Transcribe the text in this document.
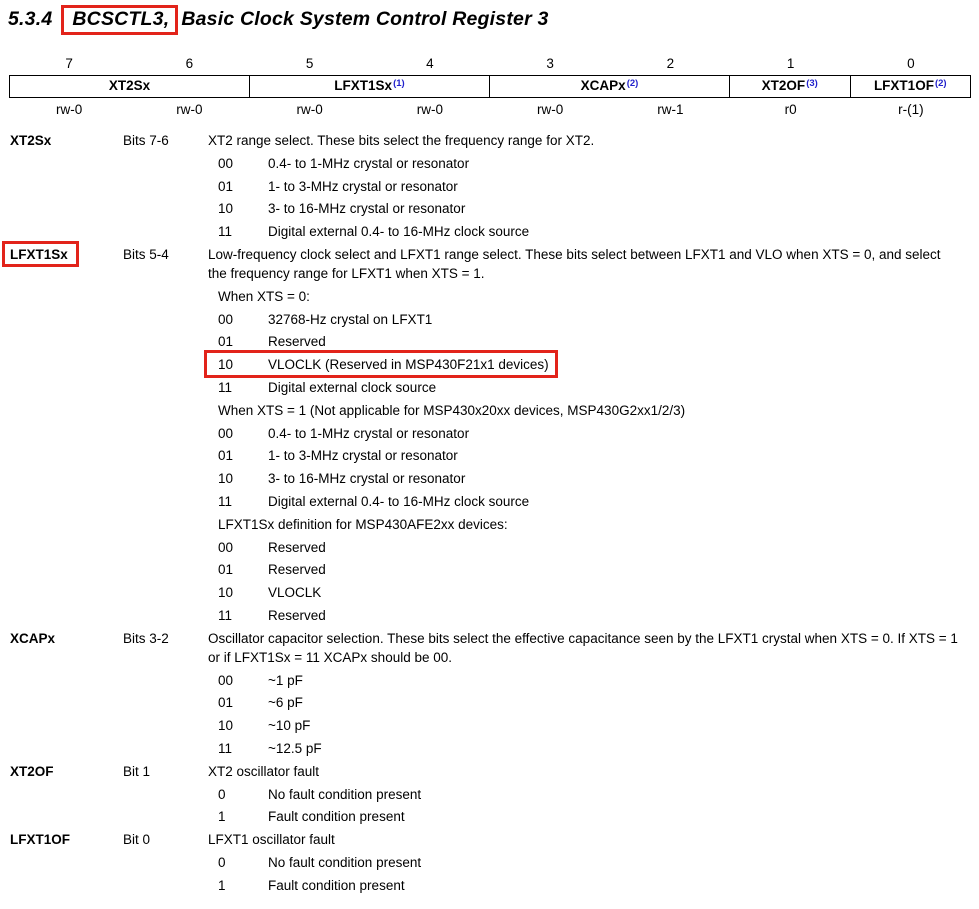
5.3.4 BCSCTL3, Basic Clock System Control Register 3
7	6	5	4	3	2	1	0
XT2Sx	LFXT1Sx$^{(1)}$	XCAPx$^{(2)}$	XT2OF$^{(3)}$	LFXT1OF$^{(2)}$
rw-0	rw-0	rw-0	rw-0	rw-0	rw-1	r0	r-(1)
XT2Sx	Bits 7-6	XT2 range select. These bits select the frequency range for XT2.
00	0.4- to 1-MHz crystal or resonator
01	1- to 3-MHz crystal or resonator
10	3- to 16-MHz crystal or resonator
11	Digital external 0.4- to 16-MHz clock source
LFXT1Sx	Bits 5-4	Low-frequency clock select and LFXT1 range select. These bits select between LFXT1 and VLO when XTS = 0, and select the frequency range for LFXT1 when XTS = 1.
When XTS = 0:
00	32768-Hz crystal on LFXT1
01	Reserved
10	VLOCLK (Reserved in MSP430F21x1 devices)
11	Digital external clock source
When XTS = 1 (Not applicable for MSP430x20xx devices, MSP430G2xx1/2/3)
00	0.4- to 1-MHz crystal or resonator
01	1- to 3-MHz crystal or resonator
10	3- to 16-MHz crystal or resonator
11	Digital external 0.4- to 16-MHz clock source
LFXT1Sx definition for MSP430AFE2xx devices:
00	Reserved
01	Reserved
10	VLOCLK
11	Reserved
XCAPx	Bits 3-2	Oscillator capacitor selection. These bits select the effective capacitance seen by the LFXT1 crystal when XTS = 0. If XTS = 1 or if LFXT1Sx = 11 XCAPx should be 00.
00	~1 pF
01	~6 pF
10	~10 pF
11	~12.5 pF
XT2OF	Bit 1	XT2 oscillator fault
0	No fault condition present
1	Fault condition present
LFXT1OF	Bit 0	LFXT1 oscillator fault
0	No fault condition present
1	Fault condition present
